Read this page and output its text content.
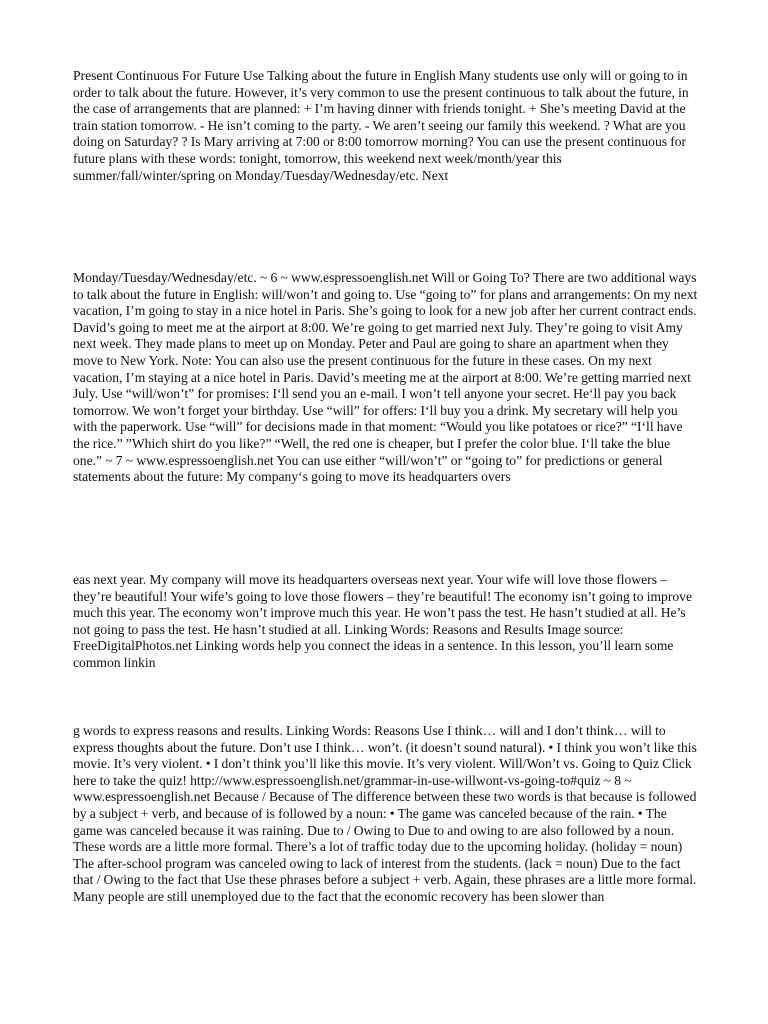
Present Continuous For Future Use Talking about the future in English Many students use only will or going to in order to talk about the future. However, it’s very common to use the present continuous to talk about the future, in the case of arrangements that are planned: + I’m having dinner with friends tonight. + She’s meeting David at the train station tomorrow. - He isn’t coming to the party. - We aren’t seeing our family this weekend. ? What are you doing on Saturday? ? Is Mary arriving at 7:00 or 8:00 tomorrow morning? You can use the present continuous for future plans with these words: tonight, tomorrow, this weekend next week/month/year this summer/fall/winter/spring on Monday/Tuesday/Wednesday/etc. Next

Monday/Tuesday/Wednesday/etc. ~ 6 ~ www.espressoenglish.net Will or Going To? There are two additional ways to talk about the future in English: will/won’t and going to. Use “going to” for plans and arrangements: On my next vacation, I’m going to stay in a nice hotel in Paris. She’s going to look for a new job after her current contract ends. David’s going to meet me at the airport at 8:00. We’re going to get married next July. They’re going to visit Amy next week. They made plans to meet up on Monday. Peter and Paul are going to share an apartment when they move to New York. Note: You can also use the present continuous for the future in these cases. On my next vacation, I’m staying at a nice hotel in Paris. David’s meeting me at the airport at 8:00. We’re getting married next July. Use “will/won’t” for promises: I‘ll send you an e-mail. I won’t tell anyone your secret. He‘ll pay you back tomorrow. We won’t forget your birthday. Use “will” for offers: I‘ll buy you a drink. My secretary will help you with the paperwork. Use “will” for decisions made in that moment: “Would you like potatoes or rice?” “I‘ll have the rice.” ”Which shirt do you like?” “Well, the red one is cheaper, but I prefer the color blue. I‘ll take the blue one.” ~ 7 ~ www.espressoenglish.net You can use either “will/won’t” or “going to” for predictions or general statements about the future: My company‘s going to move its headquarters overs

eas next year. My company will move its headquarters overseas next year. Your wife will love those flowers – they’re beautiful! Your wife’s going to love those flowers – they’re beautiful! The economy isn’t going to improve much this year. The economy won’t improve much this year. He won’t pass the test. He hasn’t studied at all. He’s not going to pass the test. He hasn’t studied at all. Linking Words: Reasons and Results Image source: FreeDigitalPhotos.net Linking words help you connect the ideas in a sentence. In this lesson, you’ll learn some common linkin

g words to express reasons and results. Linking Words: Reasons Use I think… will and I don’t think… will to express thoughts about the future. Don’t use I think… won’t. (it doesn’t sound natural). • I think you won’t like this movie. It’s very violent. • I don’t think you’ll like this movie. It’s very violent. Will/Won’t vs. Going to Quiz Click here to take the quiz! http://www.espressoenglish.net/grammar-in-use-willwont-vs-going-to#quiz ~ 8 ~ www.espressoenglish.net Because / Because of The difference between these two words is that because is followed by a subject + verb, and because of is followed by a noun: • The game was canceled because of the rain. • The game was canceled because it was raining. Due to / Owing to Due to and owing to are also followed by a noun. These words are a little more formal. There’s a lot of traffic today due to the upcoming holiday. (holiday = noun) The after-school program was canceled owing to lack of interest from the students. (lack = noun) Due to the fact that / Owing to the fact that Use these phrases before a subject + verb. Again, these phrases are a little more formal. Many people are still unemployed due to the fact that the economic recovery has been slower than
